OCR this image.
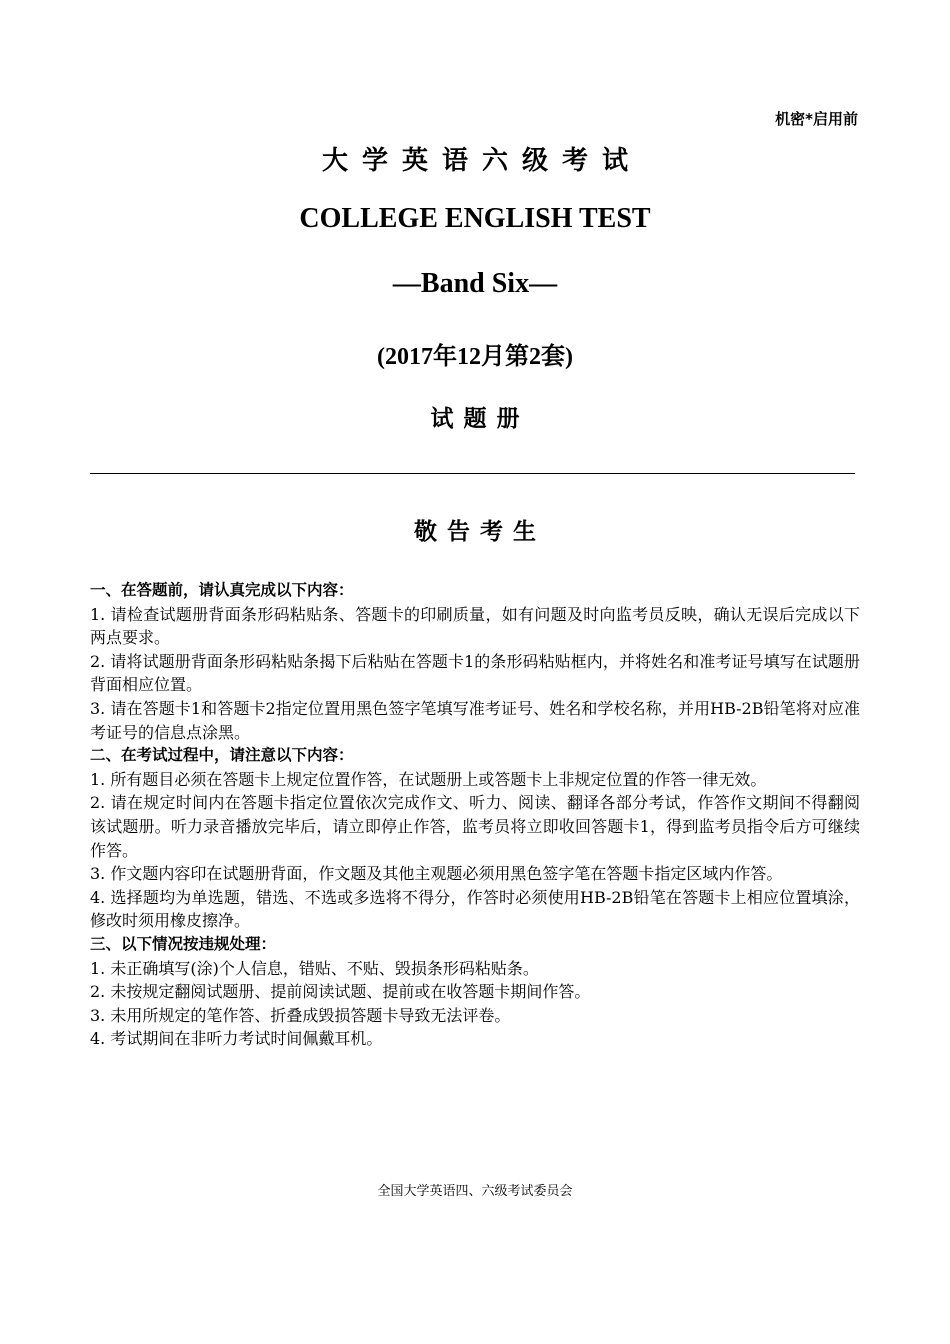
机密*启用前
大学英语六级考试
COLLEGE ENGLISH TEST
—Band Six—
(2017年12月第2套)
试题册
敬告考生
一、在答题前，请认真完成以下内容：
1. 请检查试题册背面条形码粘贴条、答题卡的印刷质量，如有问题及时向监考员反映，确认无误后完成以下两点要求。
2. 请将试题册背面条形码粘贴条揭下后粘贴在答题卡1的条形码粘贴框内，并将姓名和准考证号填写在试题册背面相应位置。
3. 请在答题卡1和答题卡2指定位置用黑色签字笔填写准考证号、姓名和学校名称，并用HB-2B铅笔将对应准考证号的信息点涂黑。
二、在考试过程中，请注意以下内容：
1. 所有题目必须在答题卡上规定位置作答，在试题册上或答题卡上非规定位置的作答一律无效。
2. 请在规定时间内在答题卡指定位置依次完成作文、听力、阅读、翻译各部分考试，作答作文期间不得翻阅该试题册。听力录音播放完毕后，请立即停止作答，监考员将立即收回答题卡1，得到监考员指令后方可继续作答。
3. 作文题内容印在试题册背面，作文题及其他主观题必须用黑色签字笔在答题卡指定区域内作答。
4. 选择题均为单选题，错选、不选或多选将不得分，作答时必须使用HB-2B铅笔在答题卡上相应位置填涂，修改时须用橡皮擦净。
三、以下情况按违规处理：
1. 未正确填写(涂)个人信息，错贴、不贴、毁损条形码粘贴条。
2. 未按规定翻阅试题册、提前阅读试题、提前或在收答题卡期间作答。
3. 未用所规定的笔作答、折叠成毁损答题卡导致无法评卷。
4. 考试期间在非听力考试时间佩戴耳机。
全国大学英语四、六级考试委员会
